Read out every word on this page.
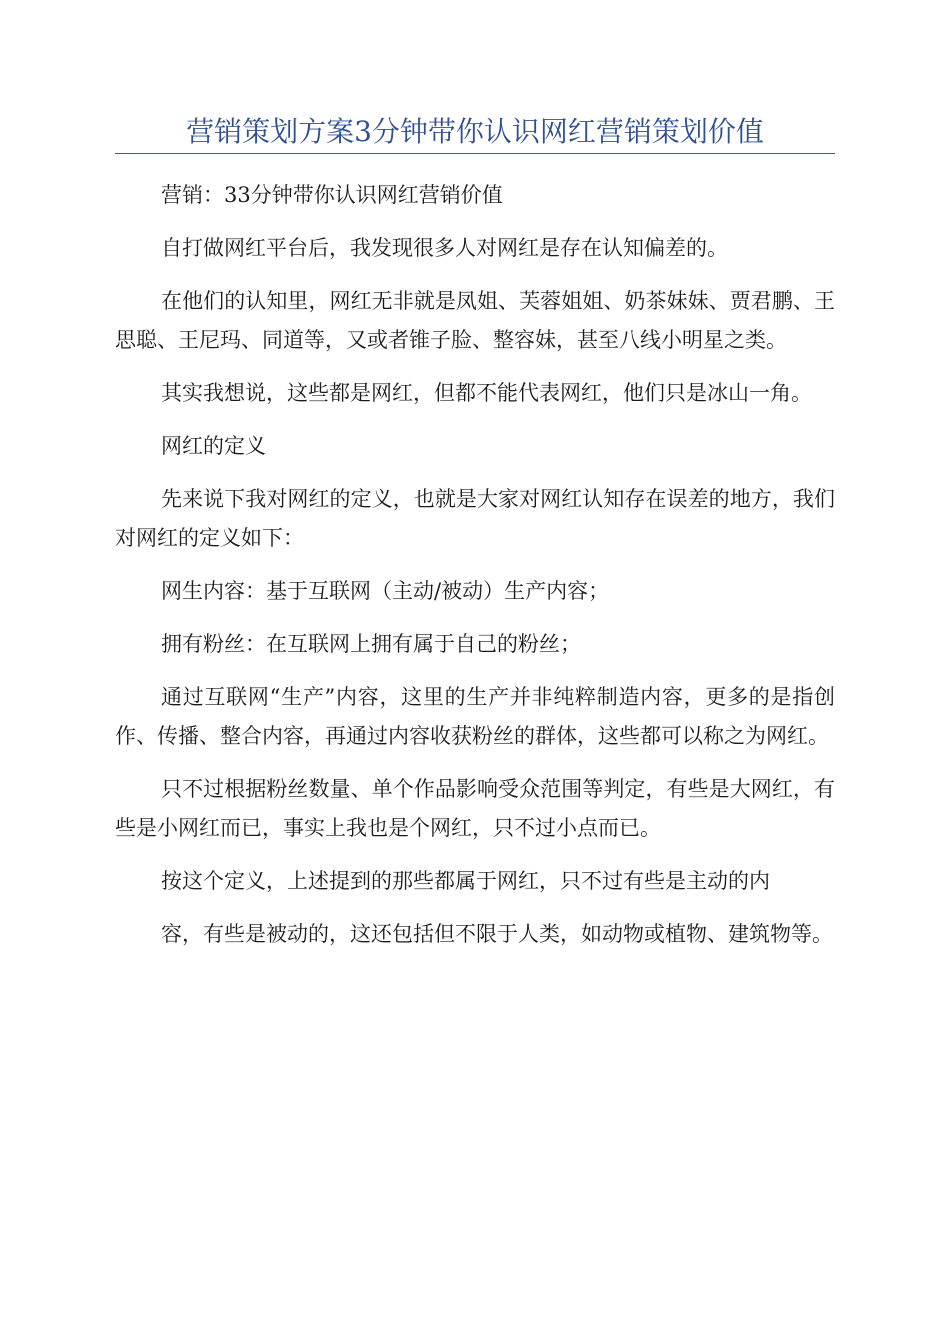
营销策划方案3分钟带你认识网红营销策划价值

营销：33分钟带你认识网红营销价值

自打做网红平台后，我发现很多人对网红是存在认知偏差的。

在他们的认知里，网红无非就是凤姐、芙蓉姐姐、奶茶妹妹、贾君鹏、王思聪、王尼玛、同道等，又或者锥子脸、整容妹，甚至八线小明星之类。

其实我想说，这些都是网红，但都不能代表网红，他们只是冰山一角。

网红的定义

先来说下我对网红的定义，也就是大家对网红认知存在误差的地方，我们对网红的定义如下：

网生内容：基于互联网（主动/被动）生产内容；

拥有粉丝：在互联网上拥有属于自己的粉丝；

通过互联网“生产”内容，这里的生产并非纯粹制造内容，更多的是指创作、传播、整合内容，再通过内容收获粉丝的群体，这些都可以称之为网红。

只不过根据粉丝数量、单个作品影响受众范围等判定，有些是大网红，有些是小网红而已，事实上我也是个网红，只不过小点而已。

按这个定义，上述提到的那些都属于网红，只不过有些是主动的内

容，有些是被动的，这还包括但不限于人类，如动物或植物、建筑物等。
